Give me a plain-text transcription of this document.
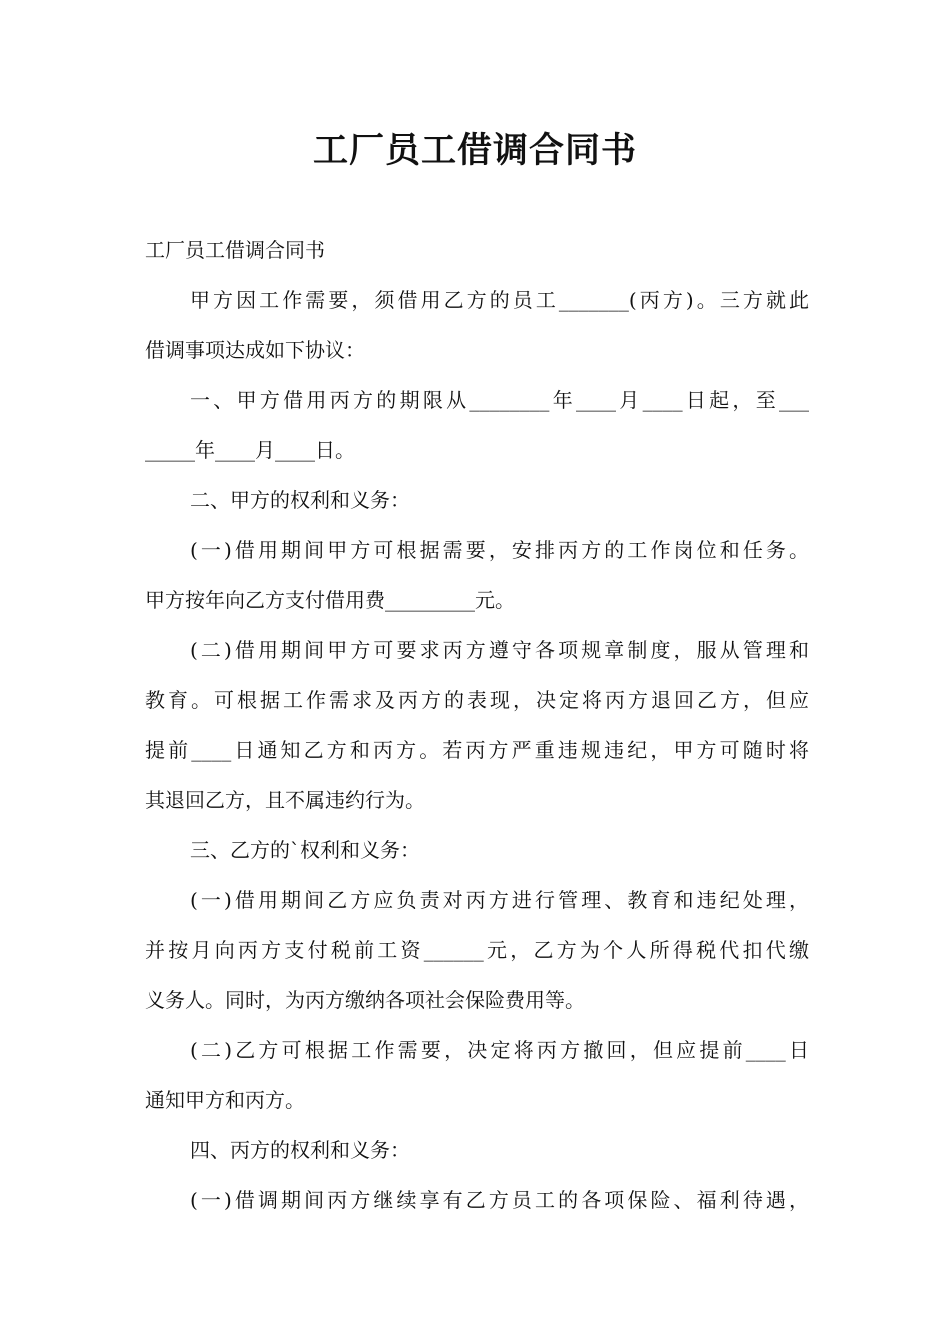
工厂员工借调合同书
工厂员工借调合同书
甲方因工作需要，须借用乙方的员工_______(丙方)。三方就此
借调事项达成如下协议：
一、甲方借用丙方的期限从________年____月____日起，至___
_____年____月____日。
二、甲方的权利和义务：
(一)借用期间甲方可根据需要，安排丙方的工作岗位和任务。
甲方按年向乙方支付借用费_________元。
(二)借用期间甲方可要求丙方遵守各项规章制度，服从管理和
教育。可根据工作需求及丙方的表现，决定将丙方退回乙方，但应
提前____日通知乙方和丙方。若丙方严重违规违纪，甲方可随时将
其退回乙方，且不属违约行为。
三、乙方的`权利和义务：
(一)借用期间乙方应负责对丙方进行管理、教育和违纪处理，
并按月向丙方支付税前工资______元，乙方为个人所得税代扣代缴
义务人。同时，为丙方缴纳各项社会保险费用等。
(二)乙方可根据工作需要，决定将丙方撤回，但应提前____日
通知甲方和丙方。
四、丙方的权利和义务：
(一)借调期间丙方继续享有乙方员工的各项保险、福利待遇，
